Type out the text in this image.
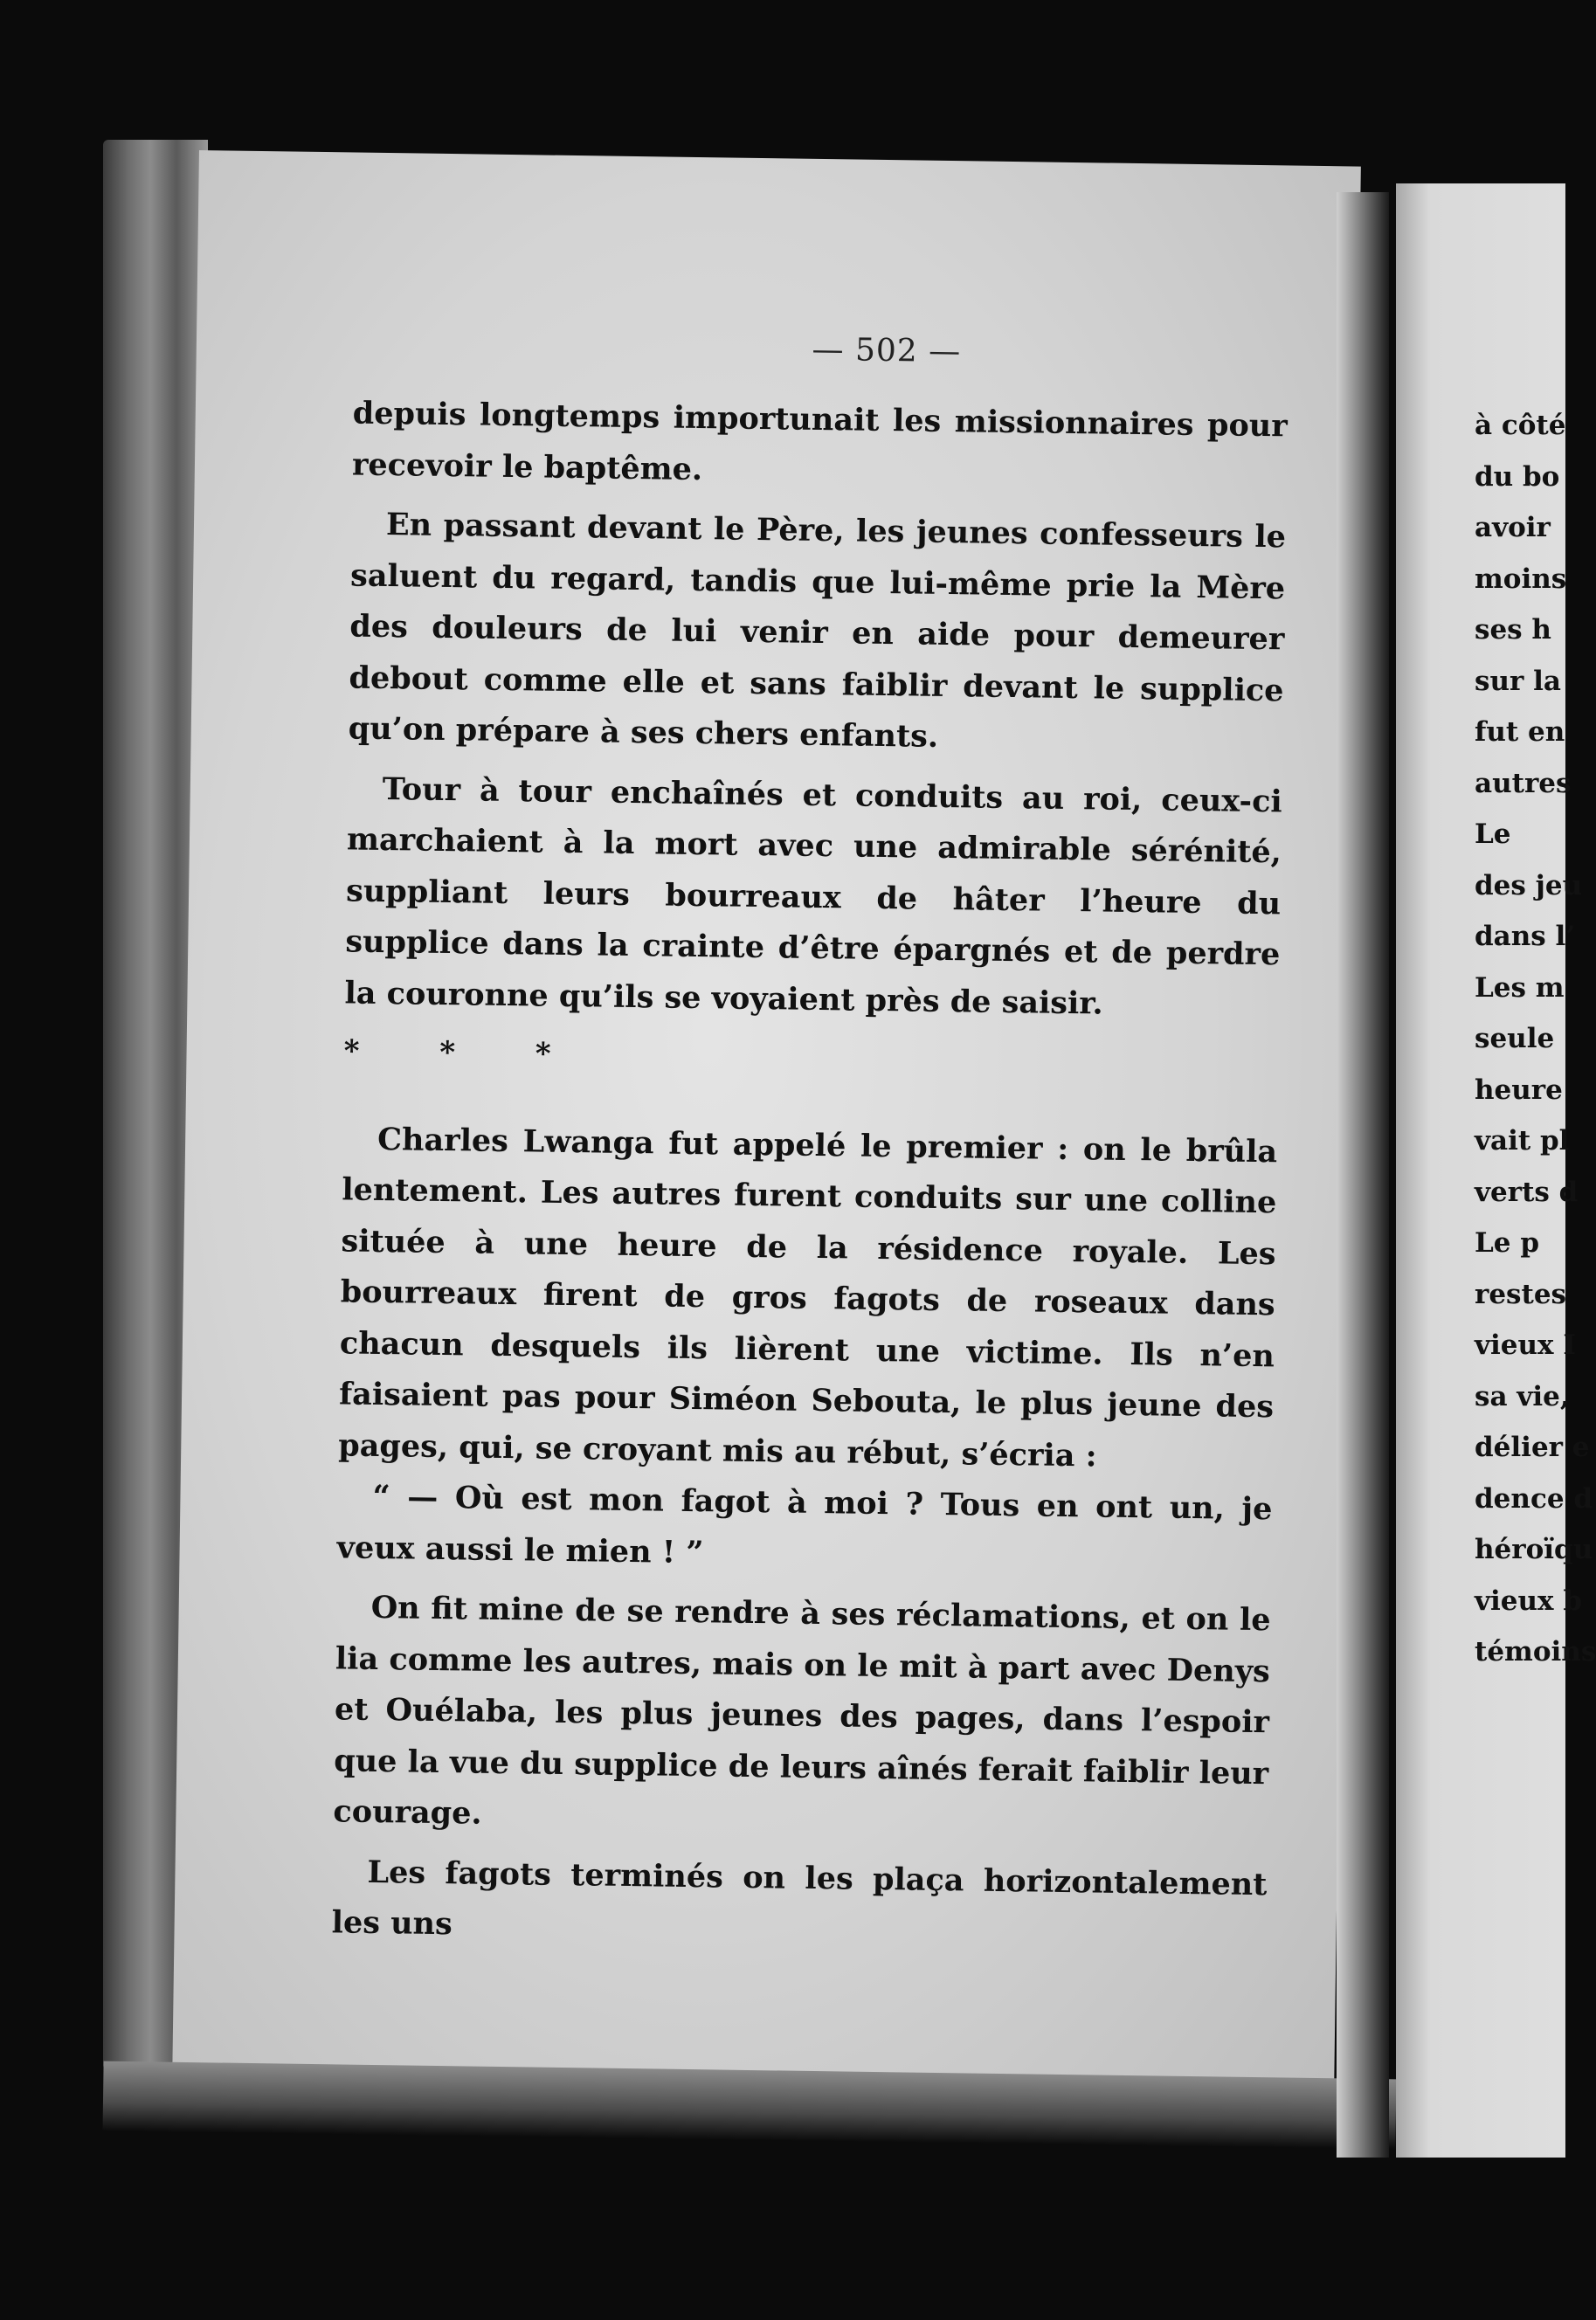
— 502 —

depuis longtemps importunait les missionnaires pour recevoir le baptême.

En passant devant le Père, les jeunes confesseurs le saluent du regard, tandis que lui-même prie la Mère des douleurs de lui venir en aide pour demeurer debout comme elle et sans faiblir devant le supplice qu’on prépare à ses chers enfants.

Tour à tour enchaînés et conduits au roi, ceux-ci marchaient à la mort avec une admirable sérénité, suppliant leurs bourreaux de hâter l’heure du supplice dans la crainte d’être épargnés et de perdre la couronne qu’ils se voyaient près de saisir.

* * *

Charles Lwanga fut appelé le premier : on le brûla lentement. Les autres furent conduits sur une colline située à une heure de la résidence royale. Les bourreaux firent de gros fagots de roseaux dans chacun desquels ils lièrent une victime. Ils n’en faisaient pas pour Siméon Sebouta, le plus jeune des pages, qui, se croyant mis au rébut, s’écria :

“ — Où est mon fagot à moi ? Tous en ont un, je veux aussi le mien ! ”

On fit mine de se rendre à ses réclamations, et on le lia comme les autres, mais on le mit à part avec Denys et Ouélaba, les plus jeunes des pages, dans l’espoir que la vue du supplice de leurs aînés ferait faiblir leur courage.

Les fagots terminés on les plaça horizontalement les uns

à côté
du bo
avoir
moins
ses h
sur la
fut en
autres
Le
des jeu
dans l’
Les m
seule
heure
vait pl
verts d
Le p
restes
vieux I
sa vie,
délier e
dence d
héroïqu
vieux b
témoins
